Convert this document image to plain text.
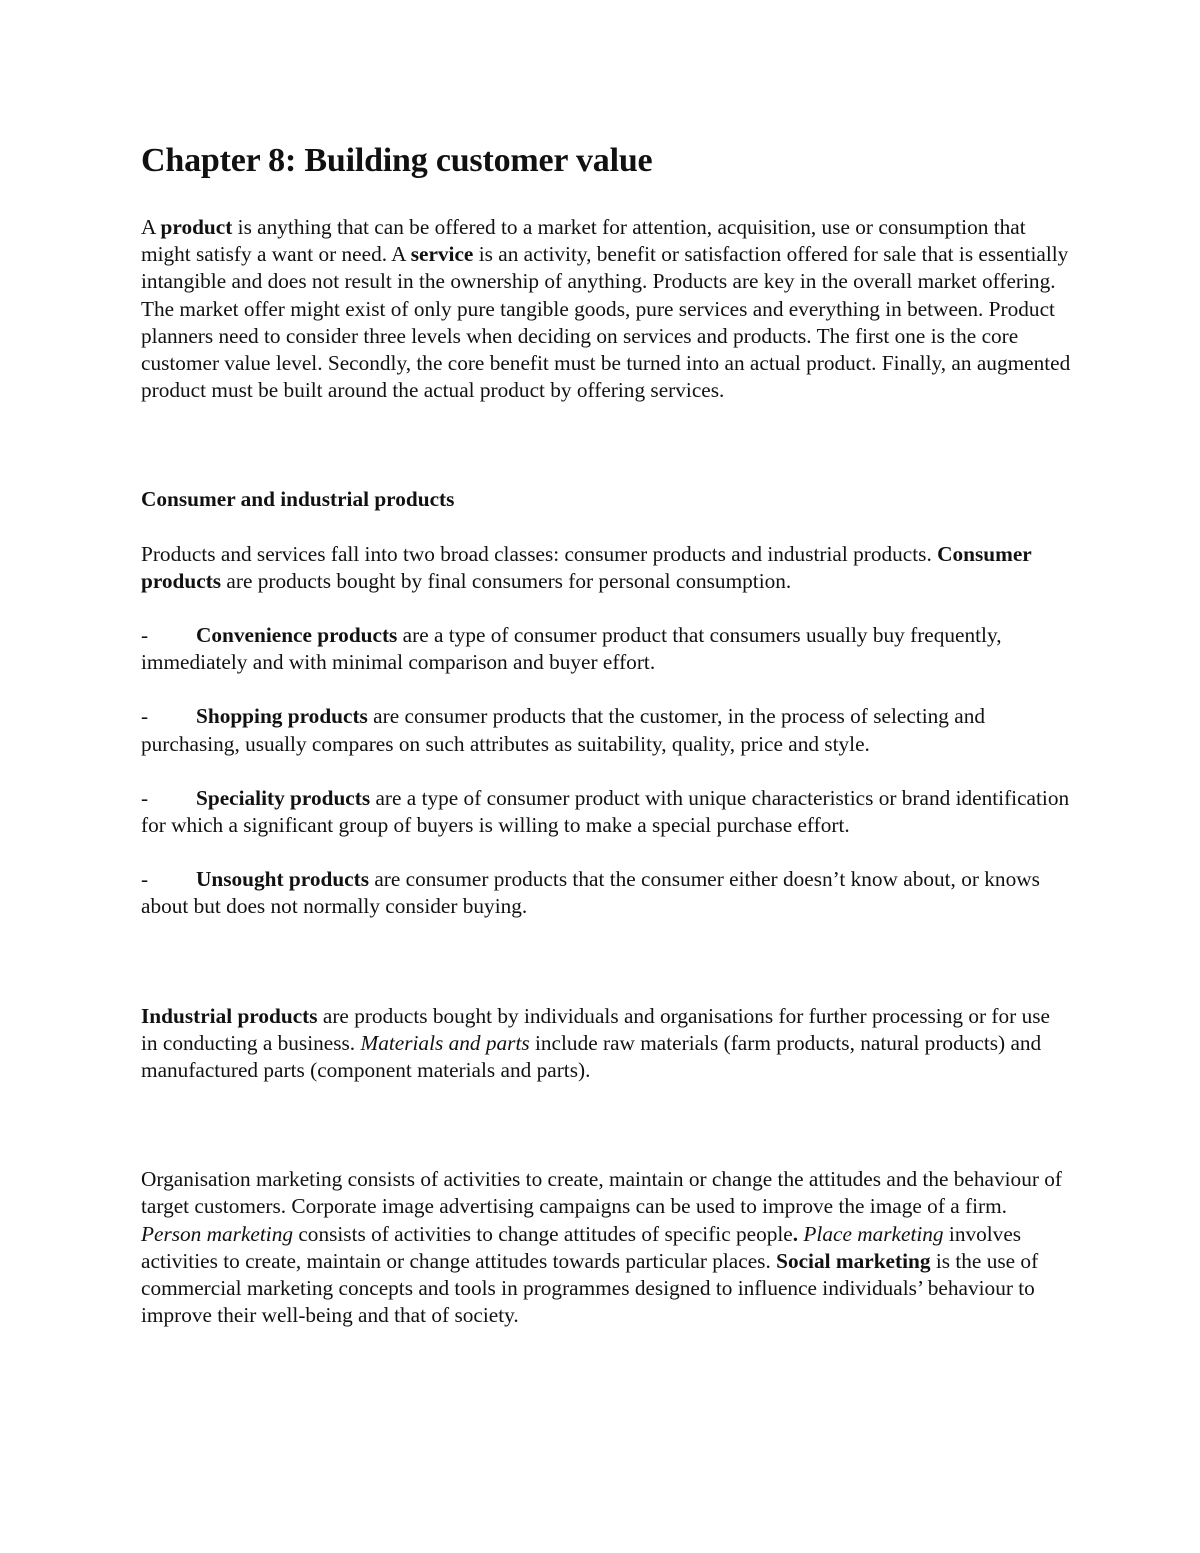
Chapter 8: Building customer value

A product is anything that can be offered to a market for attention, acquisition, use or consumption that might satisfy a want or need. A service is an activity, benefit or satisfaction offered for sale that is essentially intangible and does not result in the ownership of anything. Products are key in the overall market offering. The market offer might exist of only pure tangible goods, pure services and everything in between. Product planners need to consider three levels when deciding on services and products. The first one is the core customer value level. Secondly, the core benefit must be turned into an actual product. Finally, an augmented product must be built around the actual product by offering services.

Consumer and industrial products

Products and services fall into two broad classes: consumer products and industrial products. Consumer products are products bought by final consumers for personal consumption.

- Convenience products are a type of consumer product that consumers usually buy frequently, immediately and with minimal comparison and buyer effort.

- Shopping products are consumer products that the customer, in the process of selecting and purchasing, usually compares on such attributes as suitability, quality, price and style.

- Speciality products are a type of consumer product with unique characteristics or brand identification for which a significant group of buyers is willing to make a special purchase effort.

- Unsought products are consumer products that the consumer either doesn’t know about, or knows about but does not normally consider buying.

Industrial products are products bought by individuals and organisations for further processing or for use in conducting a business. Materials and parts include raw materials (farm products, natural products) and manufactured parts (component materials and parts).

Organisation marketing consists of activities to create, maintain or change the attitudes and the behaviour of target customers. Corporate image advertising campaigns can be used to improve the image of a firm. Person marketing consists of activities to change attitudes of specific people. Place marketing involves activities to create, maintain or change attitudes towards particular places. Social marketing is the use of commercial marketing concepts and tools in programmes designed to influence individuals’ behaviour to improve their well-being and that of society.
